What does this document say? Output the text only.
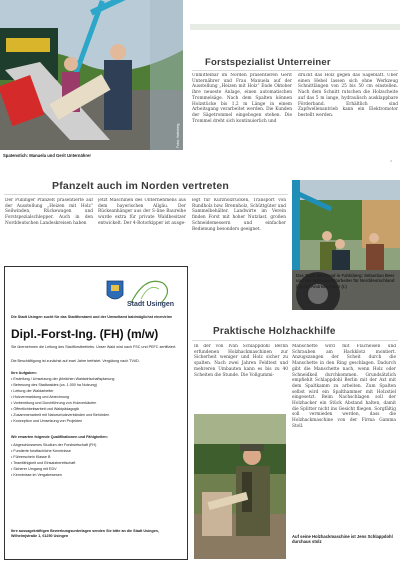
Fotos: Halenberg
Spatenstich: Manuela und Gerit Unternährer
Forstspezialist Unterreiner
Unmittelbar im Norden präsentieren Gerit Unternährer und Frau Manuela auf der Ausstellung „Heizen mit Holz“ Ende Oktober ihre neueste Anlage, einen automatischen Trommelsäge. Nach dem Spalten können Holzstücke bis 1,2 m Länge in einem Arbeitsgang verarbeitet werden. Die Kunden der Sägetrommel eingebogen stehen. Die Trommel dreht sich kontinuierlich und
drückt das Holz gegen das Sägeblatt. Über einen Hebel lassen sich ohne Werkzeug Schnittlängen von 25 bis 50 cm einstellen. Nach dem Schnitt rutschen die Holzscheite auf das 5 m lange, hydraulisch ausklappbare Förderband. Erhältlich sind Zapfwellenantrieb kann ein Elektromotor bestellt werden.
»
Pfanzelt auch im Norden vertreten
Der Pullinger Pfanzelt präsentierte auf der Ausstellung „Heizen mit Holz“ Seilwinden, Rückewagen und Forstspezialschlepper. Auch in den Norddeutschen Landeskreisen haben
jetzt Maschinen des Unternehmens aus dem bayerischen Allgäu. Der Rückeanhänger aus der S-line Baureihe wurde extra für private Waldbesitzer entwickelt. Der 4-Rotorkipper ist ausge-
legt für Kurzholzrücken, Transport von Rundholz bzw. Brennholz, Schüttgüter und Sammelbehälter. Landwirte im Verein finden Forst mit hoher Nutzlast, großen Schneidemessern und einfacher Bedienung besonders geeignet.
Das Team am Stand in Fahlsberg: Sebastian Beer und der Vertriebsmitarbeiter für Norddeutschland (l.) und Andreas Faber (r.)
Praktische Holzhackhilfe
In der von Ivan Schlappdohl Berlin erfundenen Holzhackmaschinen zur Sicherheit weniger und Holz sicher zu spalten. Nach zwei Jahren Feldtest und mehreren Umbauten kann es bis zu 40 Scheiten die Stunde. Die Vollgummi-
Manschette wird mit Flacheisen und Schrauben am Hackklotz montiert. Anzugszangen der Scheit durch die Manschette in den Ring geschlagen. Dadurch gibt die Manschette nach, wenn Holz oder Schneidkeil durchkommen. Grundsätzlich empfiehlt Schlappdohl Berlin mit der Axt mit dem Spaltkamm zu arbeiten. Zum Spalten selbst wird ein Spalthammer mit Holzstiel eingesetzt. Beim Nachschlagen soll der Holzhacker ein Stück Abstand halten, damit die Splitter nicht ins Gesicht fliegen. Sorgfältig soll vermieden werden, dass die Holzhackmaschine von der Firma Gamma Stoll.
Auf seine Holzhackmaschine ist Jens Schlappdohl durchaus stolz
Stadt Usingen
Die Stadt Usingen sucht für das Stadtforstamt und der Umweltamt baldmöglichst einen/eine
Dipl.-Forst-Ing. (FH) (m/w)
Sie übernehmen die Leitung des Stadtforstbetriebs. Unser Wald wird nach FSC und PEFC zertifiziert.
Die Beschäftigung ist zunächst auf zwei Jahre befristet. Vergütung nach TVöD.
Ihre Aufgaben:
• Erstellung / Umsetzung der jährlichen Waldwirtschaftsplanung
• Betreuung des Stadtwaldes (ca. 1.000 ha Nutzung)
• Leitung der Waldarbeiter
• Holzvermarktung und Abrechnung
• Vorbereitung und Durchführung von Holzverkäufen
• Öffentlichkeitsarbeit und Waldpädagogik
• Zusammenarbeit mit Naturschutzverbänden und Behörden
• Konzeption und Umsetzung von Projekten
Wir erwarten folgende Qualifikationen und Fähigkeiten:
• Abgeschlossenes Studium der Forstwirtschaft (FH)
• Fundierte forstfachliche Kenntnisse
• Führerschein Klasse B
• Teamfähigkeit und Einsatzbereitschaft
• Sicherer Umgang mit EDV
• Kenntnisse im Vergabewesen
Ihre aussagekräftigen Bewerbungsunterlagen senden Sie bitte an die Stadt Usingen, Wilhelmjstraße 1, 61250 Usingen
